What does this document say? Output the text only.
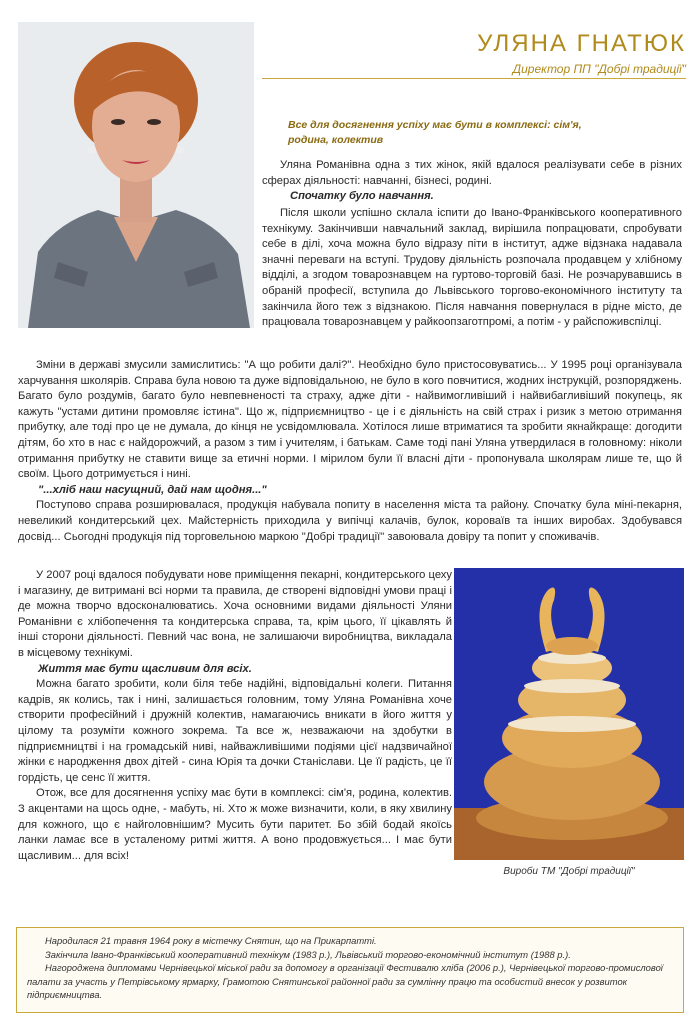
УЛЯНА ГНАТЮК
Директор ПП "Добрі традиції"
Все для досягнення успіху має бути в комплексі: сім'я, родина, колектив

Уляна Романівна одна з тих жінок, якій вдалося реалізувати себе в різних сферах діяльності: навчанні, бізнесі, родині.

Спочатку було навчання.

Після школи успішно склала іспити до Івано-Франківського кооперативного технікуму. Закінчивши навчальний заклад, вирішила попрацювати, спробувати себе в ділі, хоча можна було відразу піти в інститут, адже відзнака надавала значні переваги на вступі. Трудову діяльність розпочала продавцем у хлібному відділі, а згодом товарознавцем на гуртово-торговій базі. Не розчарувавшись в обраній професії, вступила до Львівського торгово-економічного інституту та закінчила його теж з відзнакою. Після навчання повернулася в рідне місто, де працювала товарознавцем у райкоопзаготпромі, а потім - у райспоживспілці.

Зміни в державі змусили замислитись: "А що робити далі?". Необхідно було пристосовуватись... У 1995 році організувала харчування школярів. Справа була новою та дуже відповідальною, не було в кого повчитися, жодних інструкцій, розпоряджень. Багато було роздумів, багато було невпевненості та страху, адже діти - найвимогливіший і найвибагливіший покупець, як кажуть "устами дитини промовляє істина". Що ж, підприємництво - це і є діяльність на свій страх і ризик з метою отримання прибутку, але тоді про це не думала, до кінця не усвідомлювала. Хотілося лише втриматися та зробити якнайкраще: догодити дітям, бо хто в нас є найдорожчий, а разом з тим і учителям, і батькам. Саме тоді пані Уляна утвердилася в головному: ніколи отримання прибутку не ставити вище за етичні норми. І мірилом були її власні діти - пропонувала школярам лише те, що й своїм. Цього дотримується і нині.

"...хліб наш насущний, дай нам щодня..."

Поступово справа розширювалася, продукція набувала попиту в населення міста та району. Спочатку була міні-пекарня, невеликий кондитерський цех. Майстерність приходила у випічці калачів, булок, короваїв та інших виробах. Здобувався досвід... Сьогодні продукція під торговельною маркою "Добрі традиції" завоювала довіру та попит у споживачів.

У 2007 році вдалося побудувати нове приміщення пекарні, кондитерського цеху і магазину, де витримані всі норми та правила, де створені відповідні умови праці і де можна творчо вдосконалюватись. Хоча основними видами діяльності Уляни Романівни є хлібопечення та кондитерська справа, та, крім цього, її цікавлять й інші сторони діяльності. Певний час вона, не залишаючи виробництва, викладала в місцевому технікумі.

Життя має бути щасливим для всіх.

Можна багато зробити, коли біля тебе надійні, відповідальні колеги. Питання кадрів, як колись, так і нині, залишається головним, тому Уляна Романівна хоче створити професійний і дружній колектив, намагаючись вникати в його життя у цілому та розуміти кожного зокрема. Та все ж, незважаючи на здобутки в підприємництві і на громадській ниві, найважливішими подіями цієї надзвичайної жінки є народження двох дітей - сина Юрія та дочки Станіслави. Це її радість, це її гордість, це сенс її життя.

Отож, все для досягнення успіху має бути в комплексі: сім'я, родина, колектив. З акцентами на щось одне, - мабуть, ні. Хто ж може визначити, коли, в яку хвилину для кожного, що є найголовнішим? Мусить бути паритет. Бо збій бодай якоїсь ланки ламає все в усталеному ритмі життя. А воно продовжується... І має бути щасливим... для всіх!

Вироби ТМ "Добрі традиції"

Народилася 21 травня 1964 року в містечку Снятин, що на Прикарпатті.

Закінчила Івано-Франківський кооперативний технікум (1983 р.), Львівський торгово-економічний інститут (1988 р.).

Нагороджена дипломами Чернівецької міської ради за допомогу в організації Фестивалю хліба (2006 р.), Чернівецької торгово-промислової палати за участь у Петрівському ярмарку, Грамотою Снятинської районної ради за сумлінну працю та особистий внесок у розвиток підприємництва.
